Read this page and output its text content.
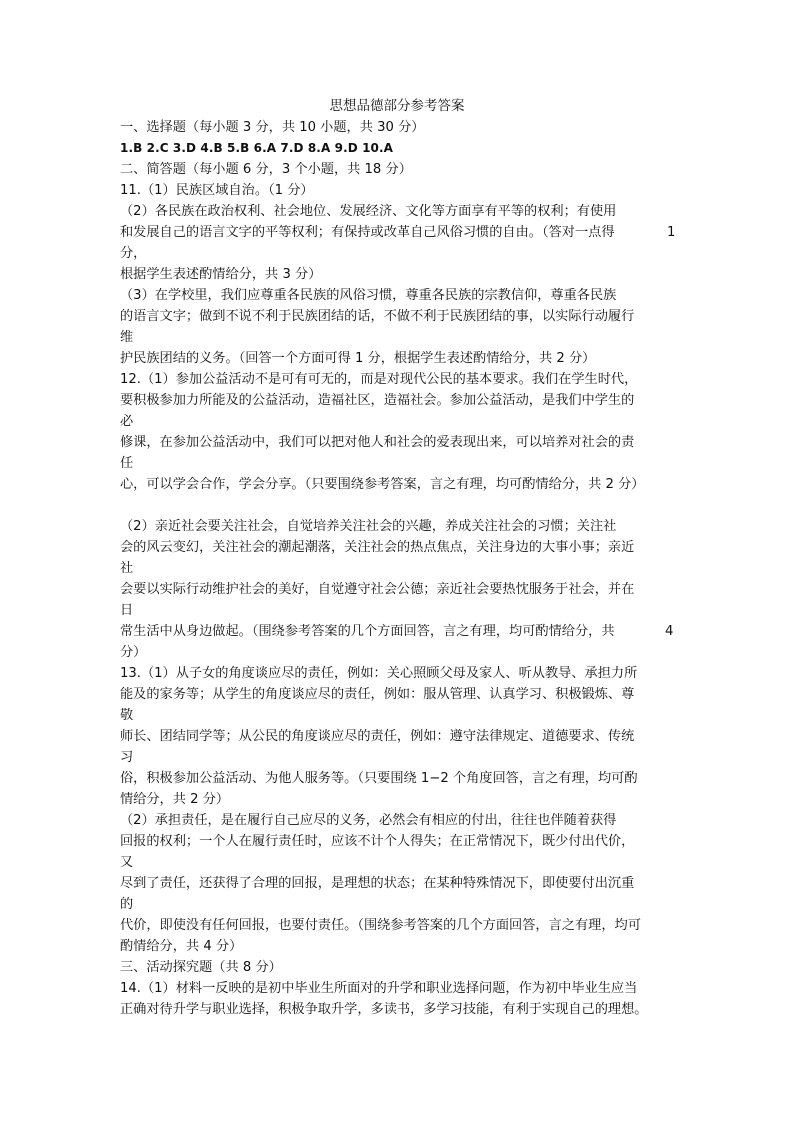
思想品德部分参考答案
一、选择题（每小题 3 分，共 10 小题，共 30 分）
1.B 2.C 3.D 4.B 5.B 6.A 7.D 8.A 9.D 10.A
二、简答题（每小题 6 分，3 个小题，共 18 分）
11.（1）民族区域自治。（1 分）
（2）各民族在政治权利、社会地位、发展经济、文化等方面享有平等的权利；有使用
和发展自己的语言文字的平等权利；有保持或改革自己风俗习惯的自由。（答对一点得	1
分，
根据学生表述酌情给分，共 3 分）
（3）在学校里，我们应尊重各民族的风俗习惯，尊重各民族的宗教信仰，尊重各民族
的语言文字；做到不说不利于民族团结的话，不做不利于民族团结的事，以实际行动履行
维
护民族团结的义务。（回答一个方面可得 1 分，根据学生表述酌情给分，共 2 分）
12.（1）参加公益活动不是可有可无的，而是对现代公民的基本要求。我们在学生时代，
要积极参加力所能及的公益活动，造福社区，造福社会。参加公益活动，是我们中学生的
必
修课，在参加公益活动中，我们可以把对他人和社会的爱表现出来，可以培养对社会的责
任
心，可以学会合作，学会分享。（只要围绕参考答案，言之有理，均可酌情给分，共 2 分）
（2）亲近社会要关注社会，自觉培养关注社会的兴趣，养成关注社会的习惯；关注社
会的风云变幻，关注社会的潮起潮落，关注社会的热点焦点，关注身边的大事小事；亲近
社
会要以实际行动维护社会的美好，自觉遵守社会公德；亲近社会要热忱服务于社会，并在
日
常生活中从身边做起。（围绕参考答案的几个方面回答，言之有理，均可酌情给分，共	4
分）
13.（1）从子女的角度谈应尽的责任，例如：关心照顾父母及家人、听从教导、承担力所
能及的家务等；从学生的角度谈应尽的责任，例如：服从管理、认真学习、积极锻炼、尊
敬
师长、团结同学等；从公民的角度谈应尽的责任，例如：遵守法律规定、道德要求、传统
习
俗，积极参加公益活动、为他人服务等。（只要围绕 1−2 个角度回答，言之有理，均可酌
情给分，共 2 分）
（2）承担责任，是在履行自己应尽的义务，必然会有相应的付出，往往也伴随着获得
回报的权利；一个人在履行责任时，应该不计个人得失；在正常情况下，既少付出代价，
又
尽到了责任，还获得了合理的回报，是理想的状态；在某种特殊情况下，即使要付出沉重
的
代价，即使没有任何回报，也要付责任。（围绕参考答案的几个方面回答，言之有理，均可
酌情给分，共 4 分）
三、活动探究题（共 8 分）
14.（1）材料一反映的是初中毕业生所面对的升学和职业选择问题，作为初中毕业生应当
正确对待升学与职业选择，积极争取升学，多读书，多学习技能，有利于实现自己的理想。
